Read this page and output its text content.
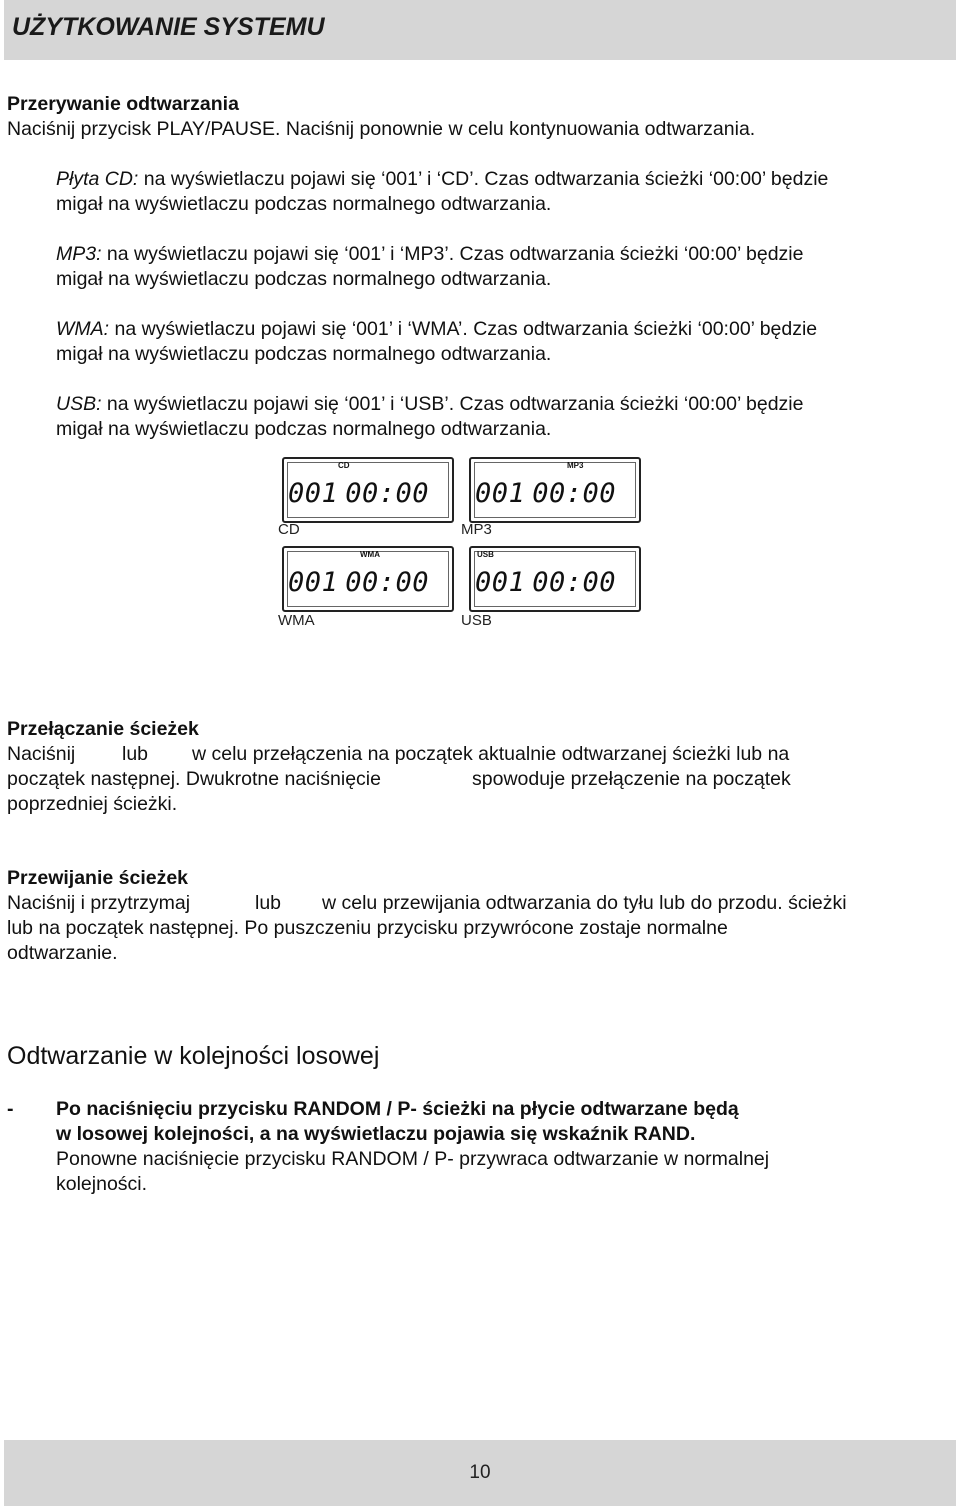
UŻYTKOWANIE SYSTEMU

Przerywanie odtwarzania

Naciśnij przycisk PLAY/PAUSE. Naciśnij ponownie w celu kontynuowania odtwarzania.

Płyta CD: na wyświetlaczu pojawi się ‘001’ i ‘CD’. Czas odtwarzania ścieżki ‘00:00’ będzie

migał na wyświetlaczu podczas normalnego odtwarzania.

MP3: na wyświetlaczu pojawi się ‘001’ i ‘MP3’. Czas odtwarzania ścieżki ‘00:00’ będzie

migał na wyświetlaczu podczas normalnego odtwarzania.

WMA: na wyświetlaczu pojawi się ‘001’ i ‘WMA’. Czas odtwarzania ścieżki ‘00:00’ będzie

migał na wyświetlaczu podczas normalnego odtwarzania.

USB: na wyświetlaczu pojawi się ‘001’ i ‘USB’. Czas odtwarzania ścieżki ‘00:00’ będzie

migał na wyświetlaczu podczas normalnego odtwarzania.

CD
001 00:00
CD
MP3
001 00:00
MP3
WMA
001 00:00
WMA
USB
001 00:00
USB

Przełączanie ścieżek

Naciśnij lub w celu przełączenia na początek aktualnie odtwarzanej ścieżki lub na

początek następnej. Dwukrotne naciśnięcie	spowoduje przełączenie na początek

poprzedniej ścieżki.

Przewijanie ścieżek

Naciśnij i przytrzymaj	lub w celu przewijania odtwarzania do tyłu lub do przodu. ścieżki

lub na początek następnej. Po puszczeniu przycisku przywrócone zostaje normalne

odtwarzanie.

Odtwarzanie w kolejności losowej

- Po naciśnięciu przycisku RANDOM / P- ścieżki na płycie odtwarzane będą

w losowej kolejności, a na wyświetlaczu pojawia się wskaźnik RAND.

Ponowne naciśnięcie przycisku RANDOM / P- przywraca odtwarzanie w normalnej

kolejności.

10
